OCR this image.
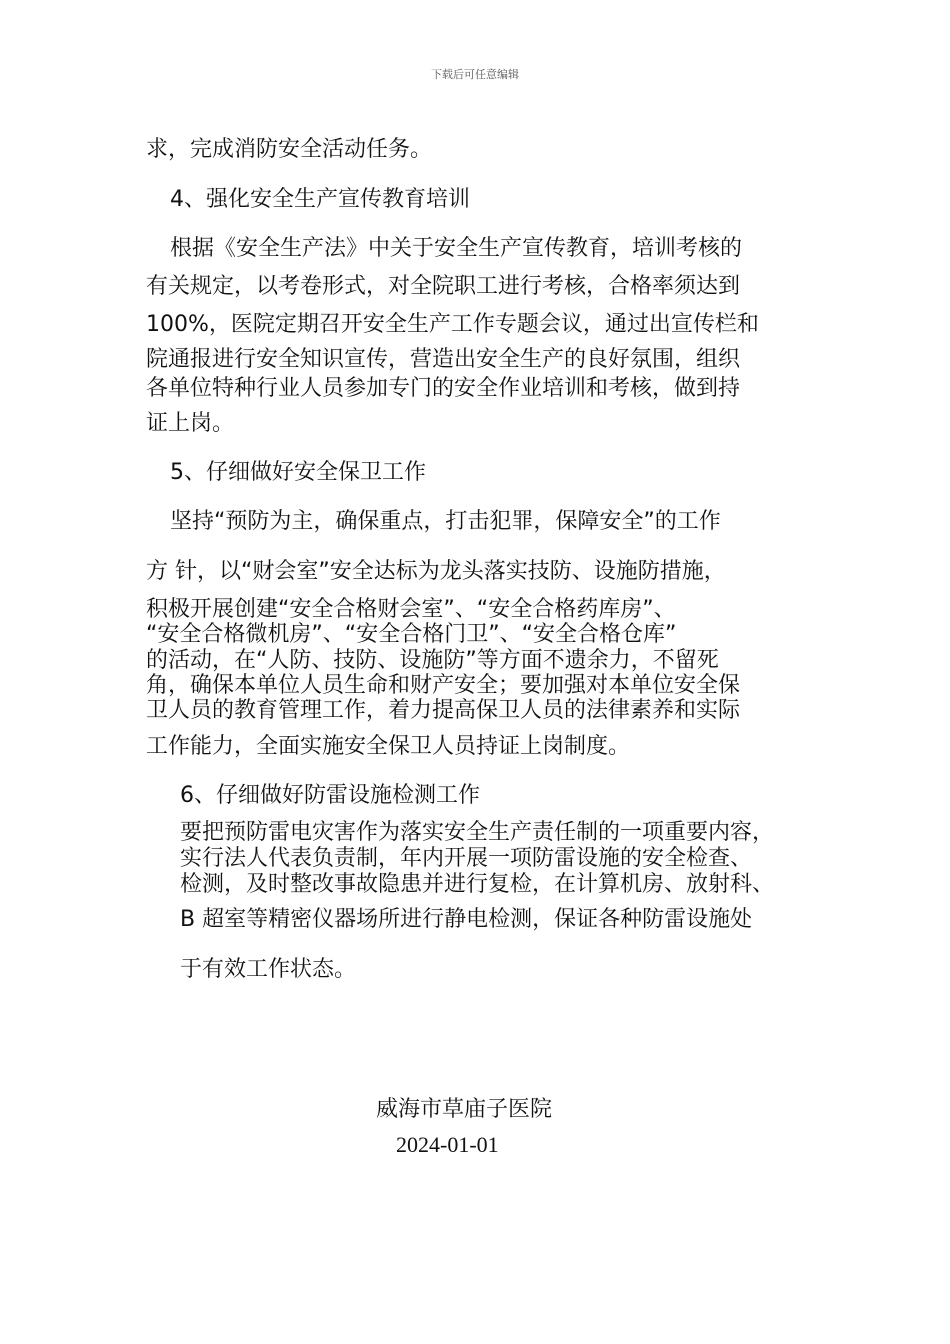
下载后可任意编辑
求，完成消防安全活动任务。
4、强化安全生产宣传教育培训
根据《安全生产法》中关于安全生产宣传教育，培训考核的
有关规定，以考卷形式，对全院职工进行考核，合格率须达到
100%，医院定期召开安全生产工作专题会议，通过出宣传栏和
院通报进行安全知识宣传，营造出安全生产的良好氛围，组织
各单位特种行业人员参加专门的安全作业培训和考核，做到持
证上岗。
5、仔细做好安全保卫工作
坚持“预防为主，确保重点，打击犯罪，保障安全”的工作
方 针，以“财会室”安全达标为龙头落实技防、设施防措施，
积极开展创建“安全合格财会室”、“安全合格药库房”、
“安全合格微机房”、“安全合格门卫”、“安全合格仓库”
的活动，在“人防、技防、设施防”等方面不遗余力，不留死
角，确保本单位人员生命和财产安全；要加强对本单位安全保
卫人员的教育管理工作，着力提高保卫人员的法律素养和实际
工作能力，全面实施安全保卫人员持证上岗制度。
6、仔细做好防雷设施检测工作
要把预防雷电灾害作为落实安全生产责任制的一项重要内容，
实行法人代表负责制，年内开展一项防雷设施的安全检查、
检测，及时整改事故隐患并进行复检，在计算机房、放射科、
B 超室等精密仪器场所进行静电检测，保证各种防雷设施处
于有效工作状态。
威海市草庙子医院
2024-01-01
